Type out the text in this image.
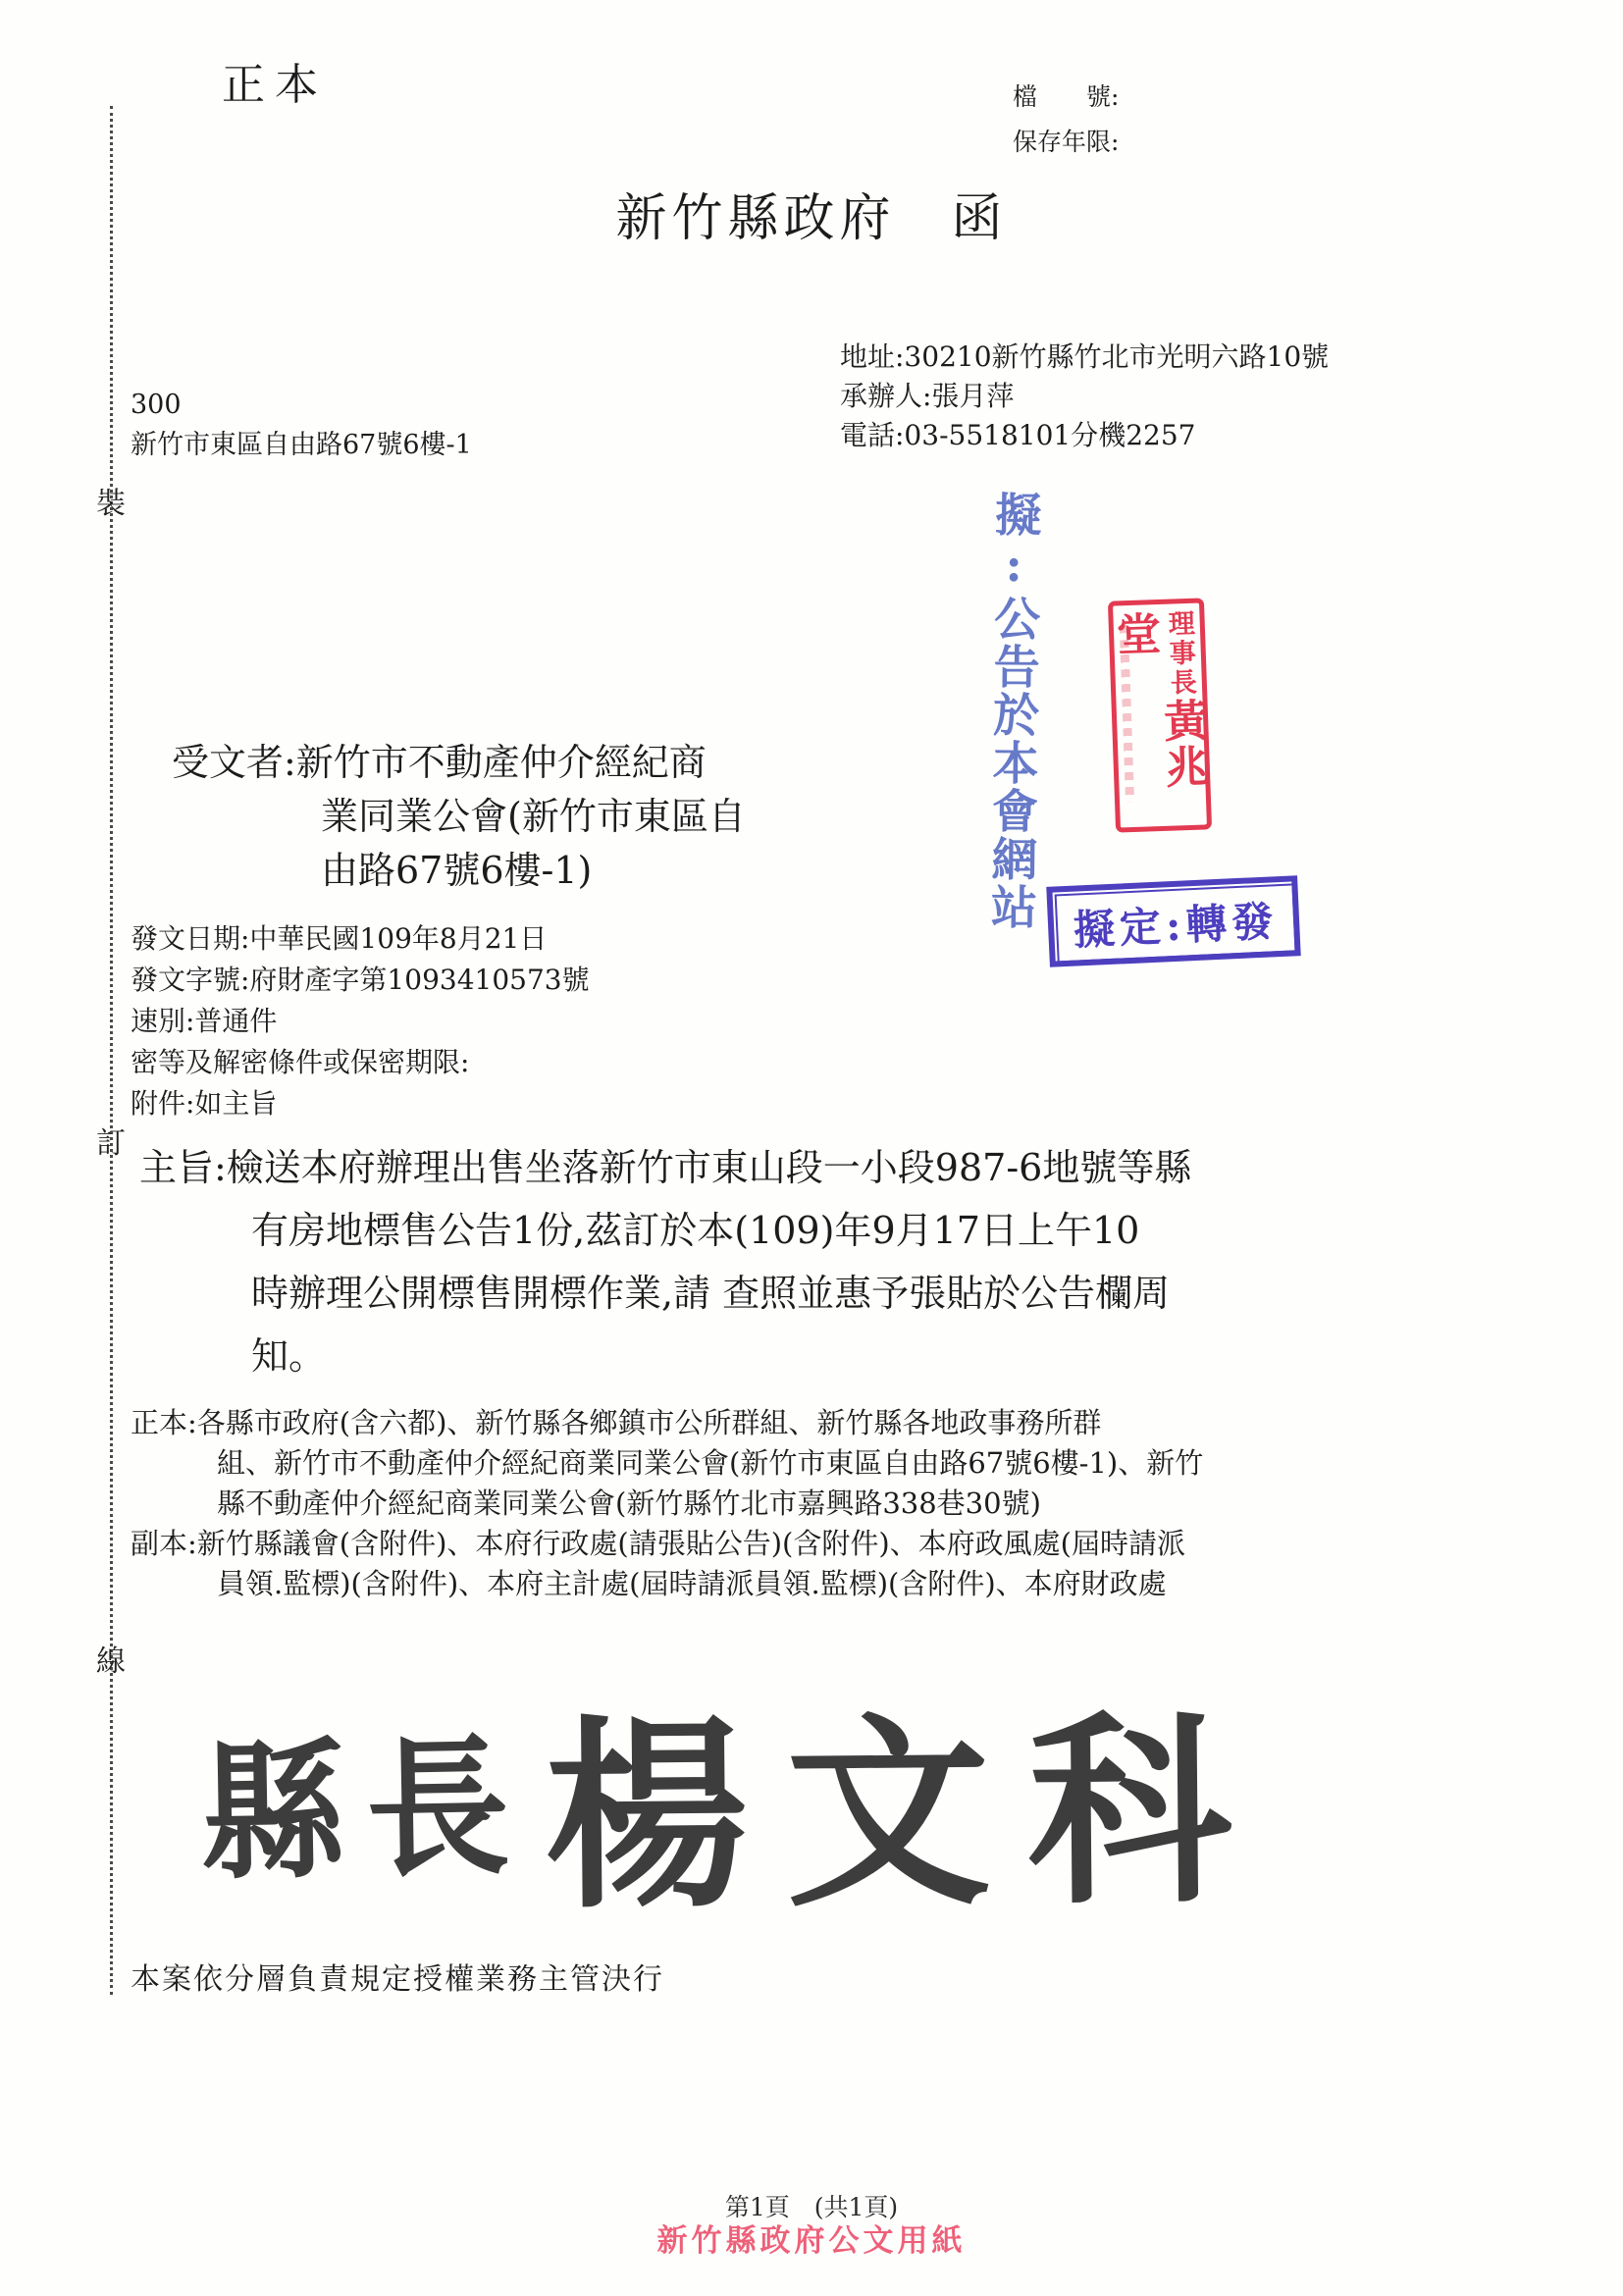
裝
訂
線
正本	檔　　號:
保存年限:
新竹縣政府　函
300
新竹市東區自由路67號6樓-1
地址:30210新竹縣竹北市光明六路10號
承辦人:張月萍
電話:03-5518101分機2257
擬:公告於本會網站	理事長黃兆堂
擬定:轉發
受文者:新竹市不動產仲介經紀商
業同業公會(新竹市東區自
由路67號6樓-1)
發文日期:中華民國109年8月21日
發文字號:府財產字第1093410573號
速別:普通件
密等及解密條件或保密期限:
附件:如主旨
主旨:檢送本府辦理出售坐落新竹市東山段一小段987-6地號等縣
有房地標售公告1份,茲訂於本(109)年9月17日上午10
時辦理公開標售開標作業,請 查照並惠予張貼於公告欄周
知。
正本:各縣市政府(含六都)、新竹縣各鄉鎮市公所群組、新竹縣各地政事務所群
組、新竹市不動產仲介經紀商業同業公會(新竹市東區自由路67號6樓-1)、新竹
縣不動產仲介經紀商業同業公會(新竹縣竹北市嘉興路338巷30號)
副本:新竹縣議會(含附件)、本府行政處(請張貼公告)(含附件)、本府政風處(屆時請派
員領.監標)(含附件)、本府主計處(屆時請派員領.監標)(含附件)、本府財政處
縣長 楊文科
本案依分層負責規定授權業務主管決行
第1頁　(共1頁)
新竹縣政府公文用紙
